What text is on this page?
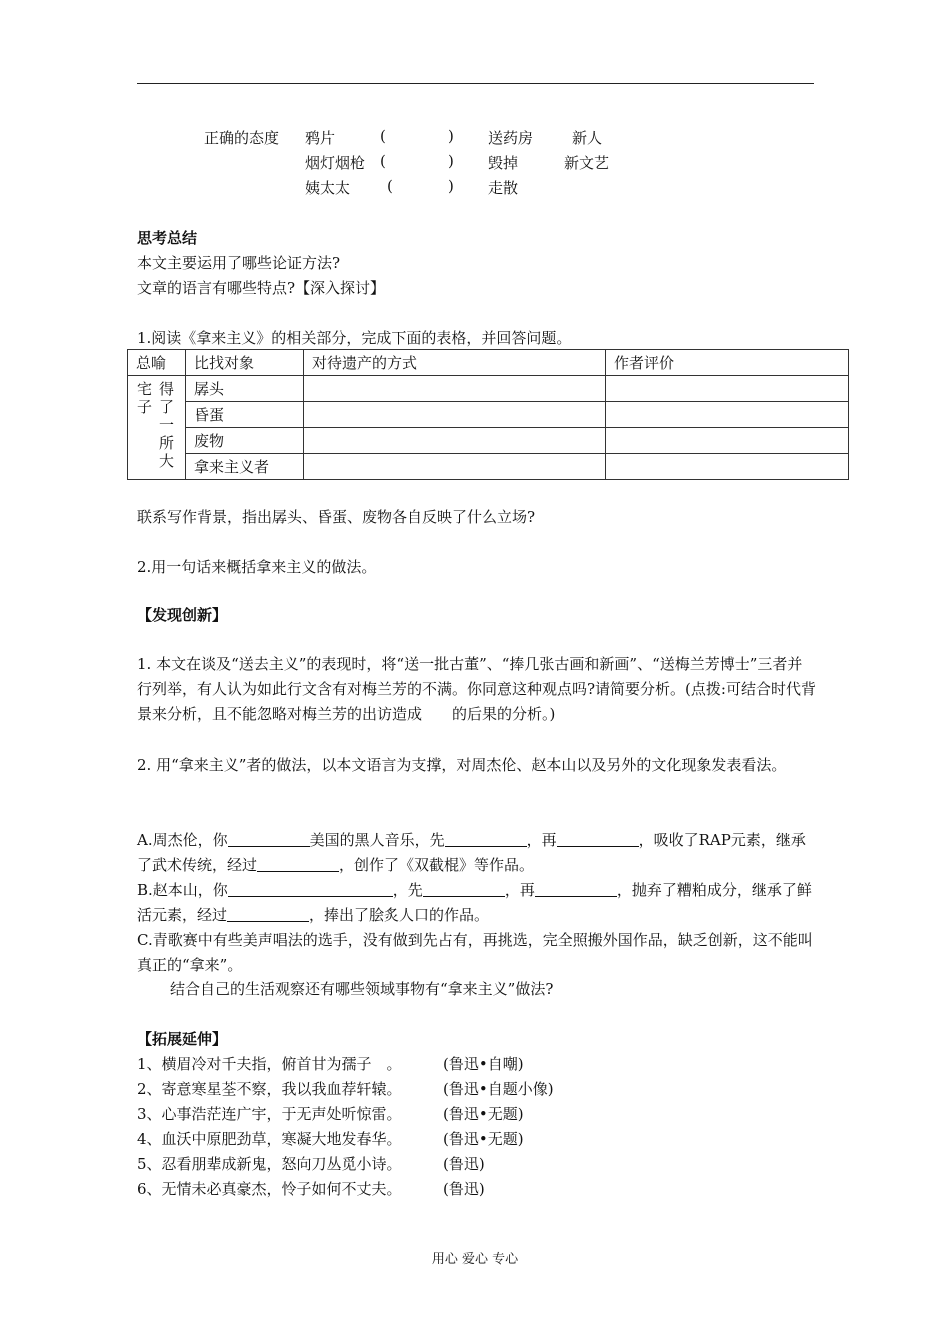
正确的态度 鸦片	(	) 送药房	新人
烟灯烟枪 (	) 毁掉	新文艺
姨太太 (	) 走散
思考总结
本文主要运用了哪些论证方法?
文章的语言有哪些特点?【深入探讨】
1.阅读《拿来主义》的相关部分，完成下面的表格，并回答问题。
总喻	比找对象	对待遗产的方式	作者评价

得了一所大
宅子	孱头		
	昏蛋		
	废物		
	拿来主义者		
联系写作背景，指出孱头、昏蛋、废物各自反映了什么立场?
2.用一句话来概括拿来主义的做法。
【发现创新】

1. 本文在谈及“送去主义”的表现时，将“送一批古董”、“捧几张古画和新画”、“送梅兰芳博士”三者并行列举，有人认为如此行文含有对梅兰芳的不满。你同意这种观点吗?请简要分析。(点拨:可结合时代背景来分析，且不能忽略对梅兰芳的出访造成　　的后果的分析。)

2. 用“拿来主义”者的做法，以本文语言为支撑，对周杰伦、赵本山以及另外的文化现象发表看法。

A.周杰伦，你	美国的黑人音乐，先	，再	，吸收了RAP元素，继承了武术传统，经过	，创作了《双截棍》等作品。

B.赵本山，你	，先	，再	，抛弃了糟粕成分，继承了鲜活元素，经过	，捧出了脍炙人口的作品。

C.青歌赛中有些美声唱法的选手，没有做到先占有，再挑选，完全照搬外国作品，缺乏创新，这不能叫真正的“拿来”。

结合自己的生活观察还有哪些领域事物有“拿来主义”做法?
【拓展延伸】
1、横眉冷对千夫指，俯首甘为孺子　。	(鲁迅•自嘲)
2、寄意寒星荃不察，我以我血荐轩辕。	(鲁迅•自题小像)
3、心事浩茫连广宇，于无声处听惊雷。	(鲁迅•无题)
4、血沃中原肥劲草，寒凝大地发春华。	(鲁迅•无题)
5、忍看朋辈成新鬼，怒向刀丛觅小诗。	(鲁迅)
6、无情未必真豪杰，怜子如何不丈夫。	(鲁迅)
用心 爱心 专心
